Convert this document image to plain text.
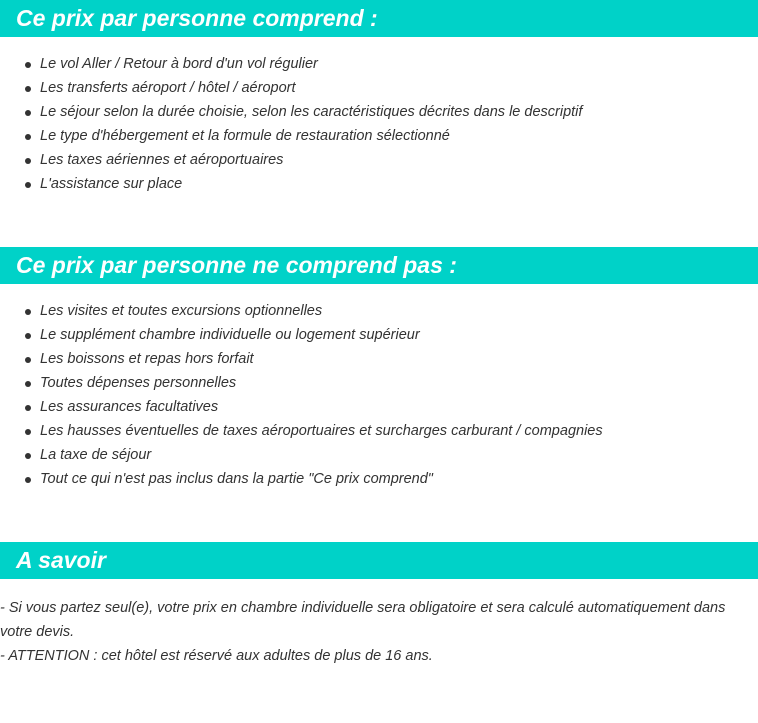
Ce prix par personne comprend :
Le vol Aller / Retour à bord d'un vol régulier
Les transferts aéroport / hôtel / aéroport
Le séjour selon la durée choisie, selon les caractéristiques décrites dans le descriptif
Le type d'hébergement et la formule de restauration sélectionné
Les taxes aériennes et aéroportuaires
L'assistance sur place
Ce prix par personne ne comprend pas :
Les visites et toutes excursions optionnelles
Le supplément chambre individuelle ou logement supérieur
Les boissons et repas hors forfait
Toutes dépenses personnelles
Les assurances facultatives
Les hausses éventuelles de taxes aéroportuaires et surcharges carburant / compagnies
La taxe de séjour
Tout ce qui n'est pas inclus dans la partie "Ce prix comprend"
A savoir

- Si vous partez seul(e), votre prix en chambre individuelle sera obligatoire et sera calculé automatiquement dans votre devis.

- ATTENTION : cet hôtel est réservé aux adultes de plus de 16 ans.
